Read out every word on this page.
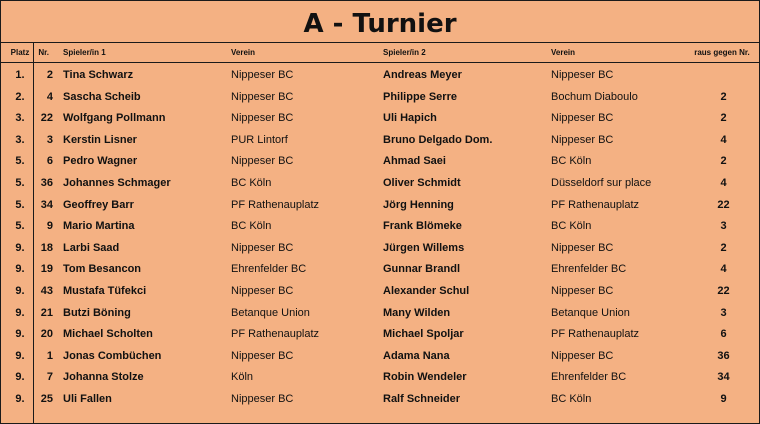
A - Turnier
Platz	Nr. Spieler/in 1	Verein	Spieler/in 2	Verein	raus gegen Nr.
1.	2 Tina Schwarz	Nippeser BC	Andreas Meyer	Nippeser BC
2.	4 Sascha Scheib	Nippeser BC	Philippe Serre	Bochum Diaboulo	2
3.	22 Wolfgang Pollmann	Nippeser BC	Uli Hapich	Nippeser BC	2
3.	3 Kerstin Lisner	PUR Lintorf	Bruno Delgado Dom.	Nippeser BC	4
5.	6 Pedro Wagner	Nippeser BC	Ahmad Saei	BC Köln	2
5.	36 Johannes Schmager	BC Köln	Oliver Schmidt	Düsseldorf sur place	4
5.	34 Geoffrey Barr	PF Rathenauplatz	Jörg Henning	PF Rathenauplatz	22
5.	9 Mario Martina	BC Köln	Frank Blömeke	BC Köln	3
9.	18 Larbi Saad	Nippeser BC	Jürgen Willems	Nippeser BC	2
9.	19 Tom Besancon	Ehrenfelder BC	Gunnar Brandl	Ehrenfelder BC	4
9.	43 Mustafa Tüfekci	Nippeser BC	Alexander Schul	Nippeser BC	22
9.	21 Butzi Böning	Betanque Union	Many Wilden	Betanque Union	3
9.	20 Michael Scholten	PF Rathenauplatz	Michael Spoljar	PF Rathenauplatz	6
9.	1 Jonas Combüchen	Nippeser BC	Adama Nana	Nippeser BC	36
9.	7 Johanna Stolze	Köln	Robin Wendeler	Ehrenfelder BC	34
9.	25 Uli Fallen	Nippeser BC	Ralf Schneider	BC Köln	9
